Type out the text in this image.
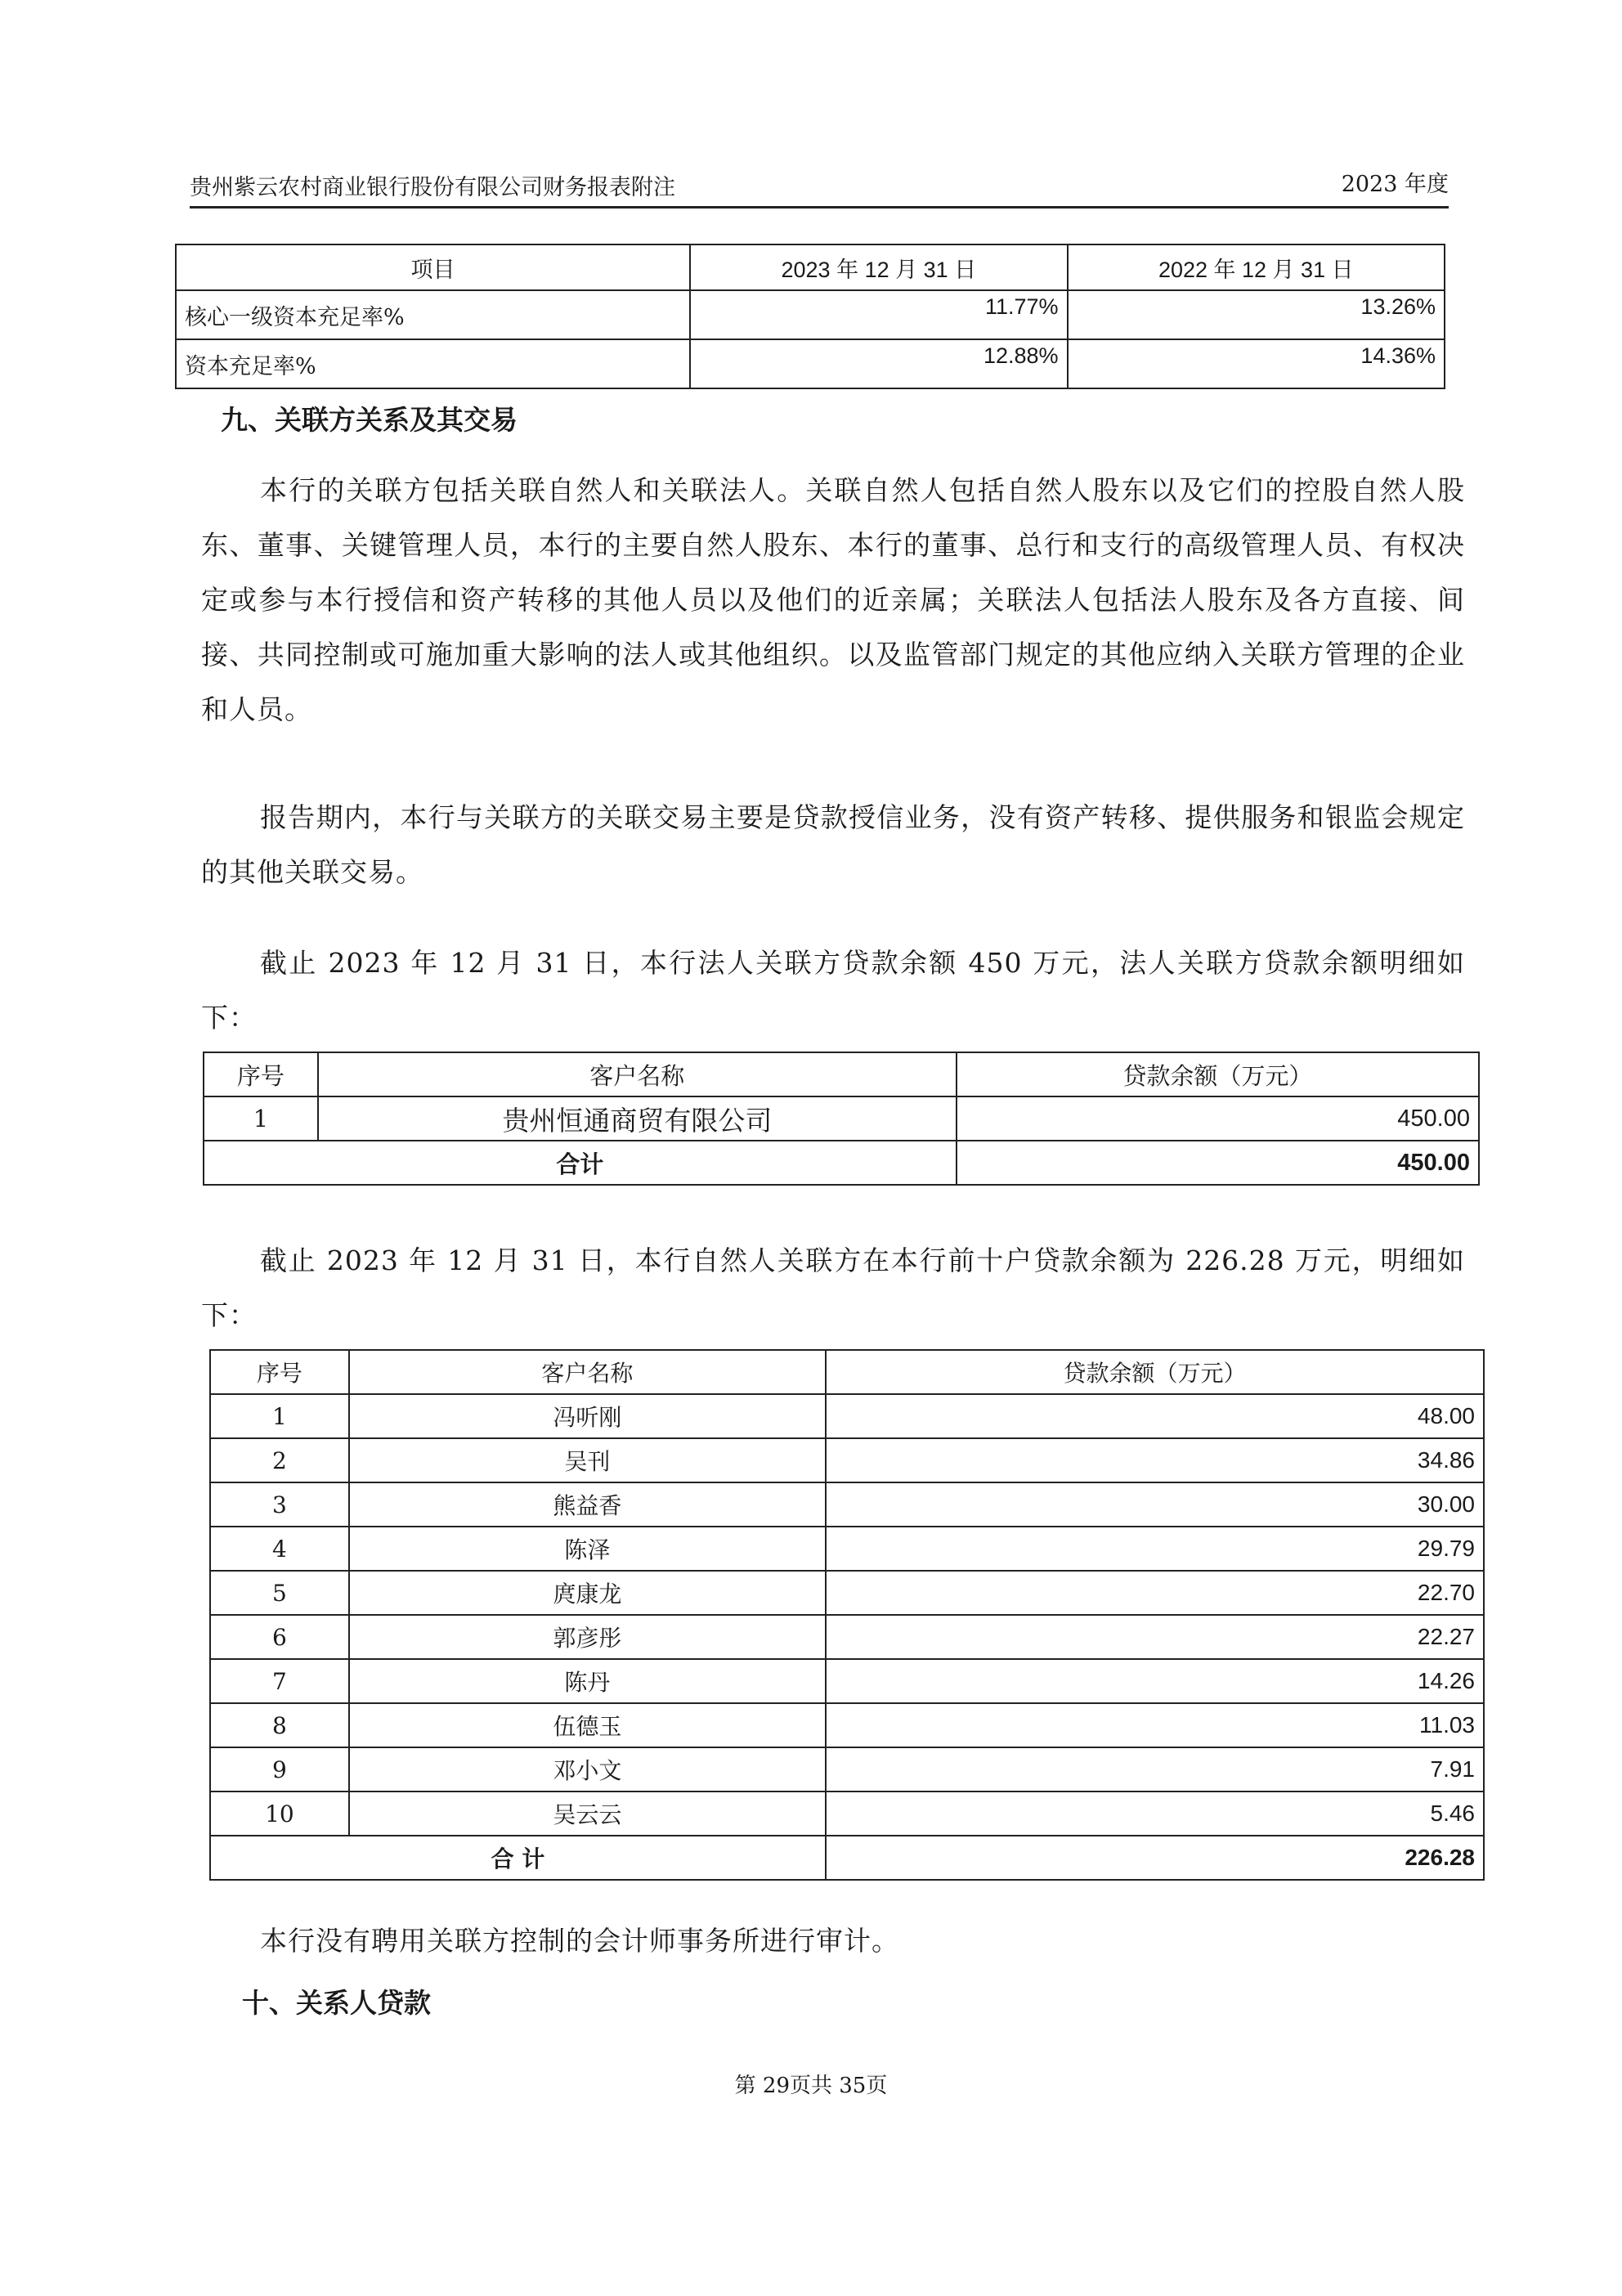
贵州紫云农村商业银行股份有限公司财务报表附注	2023 年度
项目	2023 年 12 月 31 日	2022 年 12 月 31 日
核心一级资本充足率%	11.77%	13.26%
资本充足率%	12.88%	14.36%
九、关联方关系及其交易

本行的关联方包括关联自然人和关联法人。关联自然人包括自然人股东以及它们的控股自然人股东、董事、关键管理人员，本行的主要自然人股东、本行的董事、总行和支行的高级管理人员、有权决定或参与本行授信和资产转移的其他人员以及他们的近亲属；关联法人包括法人股东及各方直接、间接、共同控制或可施加重大影响的法人或其他组织。以及监管部门规定的其他应纳入关联方管理的企业和人员。

报告期内，本行与关联方的关联交易主要是贷款授信业务，没有资产转移、提供服务和银监会规定的其他关联交易。

截止 2023 年 12 月 31 日，本行法人关联方贷款余额 450 万元，法人关联方贷款余额明细如下：

序号	客户名称	贷款余额（万元）
1	贵州恒通商贸有限公司	450.00
合计		450.00

截止 2023 年 12 月 31 日，本行自然人关联方在本行前十户贷款余额为 226.28 万元，明细如下：

序号	客户名称	贷款余额（万元）
1	冯听刚	48.00
2	吴刊	34.86
3	熊益香	30.00
4	陈泽	29.79
5	庹康龙	22.70
6	郭彦彤	22.27
7	陈丹	14.26
8	伍德玉	11.03
9	邓小文	7.91
10	吴云云	5.46
合 计		226.28

本行没有聘用关联方控制的会计师事务所进行审计。

十、关系人贷款
第 29页共 35页
